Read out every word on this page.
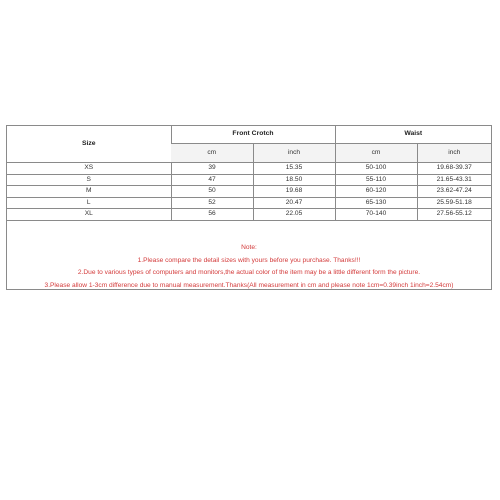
Size	Front Crotch		Waist	
	cm	inch	cm	inch
XS	39	15.35	50-100	19.68-39.37
S	47	18.50	55-110	21.65-43.31
M	50	19.68	60-120	23.62-47.24
L	52	20.47	65-130	25.59-51.18
XL	56	22.05	70-140	27.56-55.12
Note:
1.Please compare the detail sizes with yours before you purchase. Thanks!!!
2.Due to various types of computers and monitors,the actual color of the item may be a little different form the picture.
3.Please allow 1-3cm difference due to manual measurement.Thanks(All measurement in cm and please note 1cm=0.39inch 1inch=2.54cm)
